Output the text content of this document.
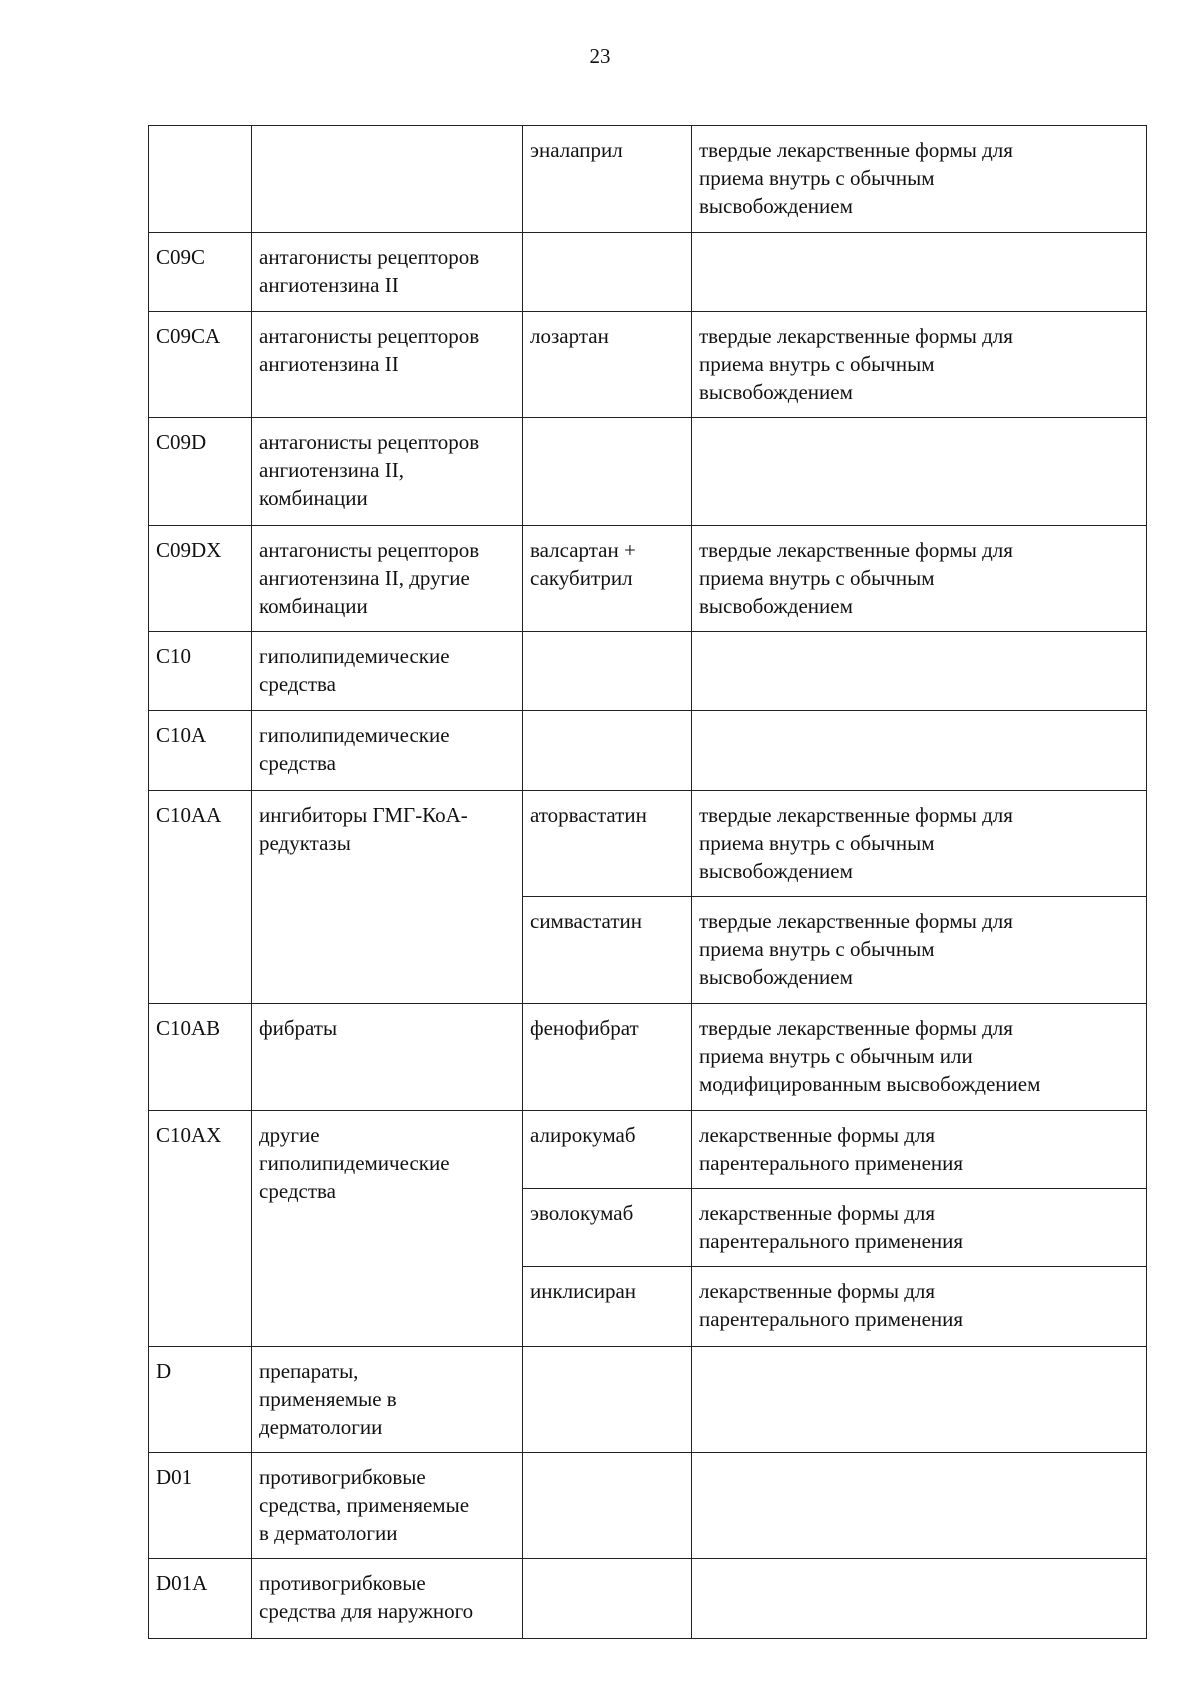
23
		эналаприл	твердые лекарственные формы для
приема внутрь с обычным
высвобождением
C09C	антагонисты рецепторов
ангиотензина II		
C09CA	антагонисты рецепторов
ангиотензина II	лозартан	твердые лекарственные формы для
приема внутрь с обычным
высвобождением
C09D	антагонисты рецепторов
ангиотензина II,
комбинации		
C09DX	антагонисты рецепторов
ангиотензина II, другие
комбинации	валсартан +
сакубитрил	твердые лекарственные формы для
приема внутрь с обычным
высвобождением
C10	гиполипидемические
средства		
C10A	гиполипидемические
средства		
C10AA	ингибиторы ГМГ-КоА-
редуктазы	аторвастатин	твердые лекарственные формы для
приема внутрь с обычным
высвобождением
		симвастатин	твердые лекарственные формы для
приема внутрь с обычным
высвобождением
C10AB	фибраты	фенофибрат	твердые лекарственные формы для
приема внутрь с обычным или
модифицированным высвобождением
C10AX	другие
гиполипидемические
средства	алирокумаб	лекарственные формы для
парентерального применения
		эволокумаб	лекарственные формы для
парентерального применения
		инклисиран	лекарственные формы для
парентерального применения
D	препараты,
применяемые в
дерматологии		
D01	противогрибковые
средства, применяемые
в дерматологии		
D01A	противогрибковые
средства для наружного		
